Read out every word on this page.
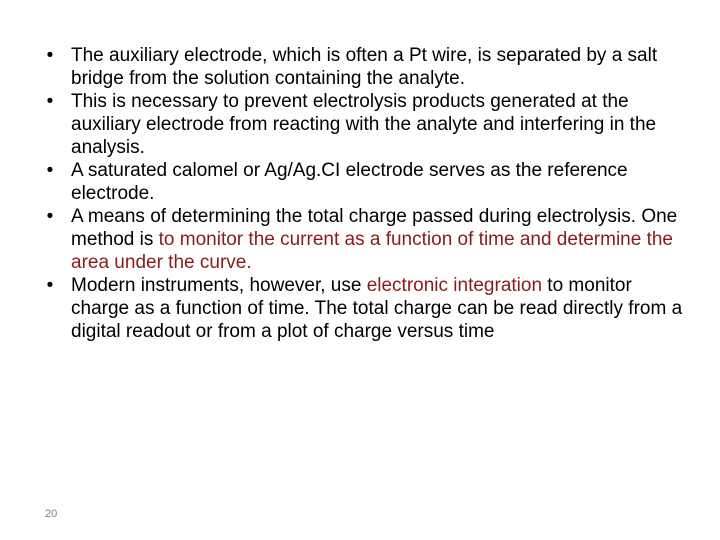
• The auxiliary electrode, which is often a Pt wire, is separated by a salt bridge from the solution containing the analyte.
• This is necessary to prevent electrolysis products generated at the auxiliary electrode from reacting with the analyte and interfering in the analysis.
• A saturated calomel or Ag/Ag.CI electrode serves as the reference electrode.
• A means of determining the total charge passed during electrolysis. One method is to monitor the current as a function of time and determine the area under the curve.
• Modern instruments, however, use electronic integration to monitor charge as a function of time. The total charge can be read directly from a digital readout or from a plot of charge versus time
20
